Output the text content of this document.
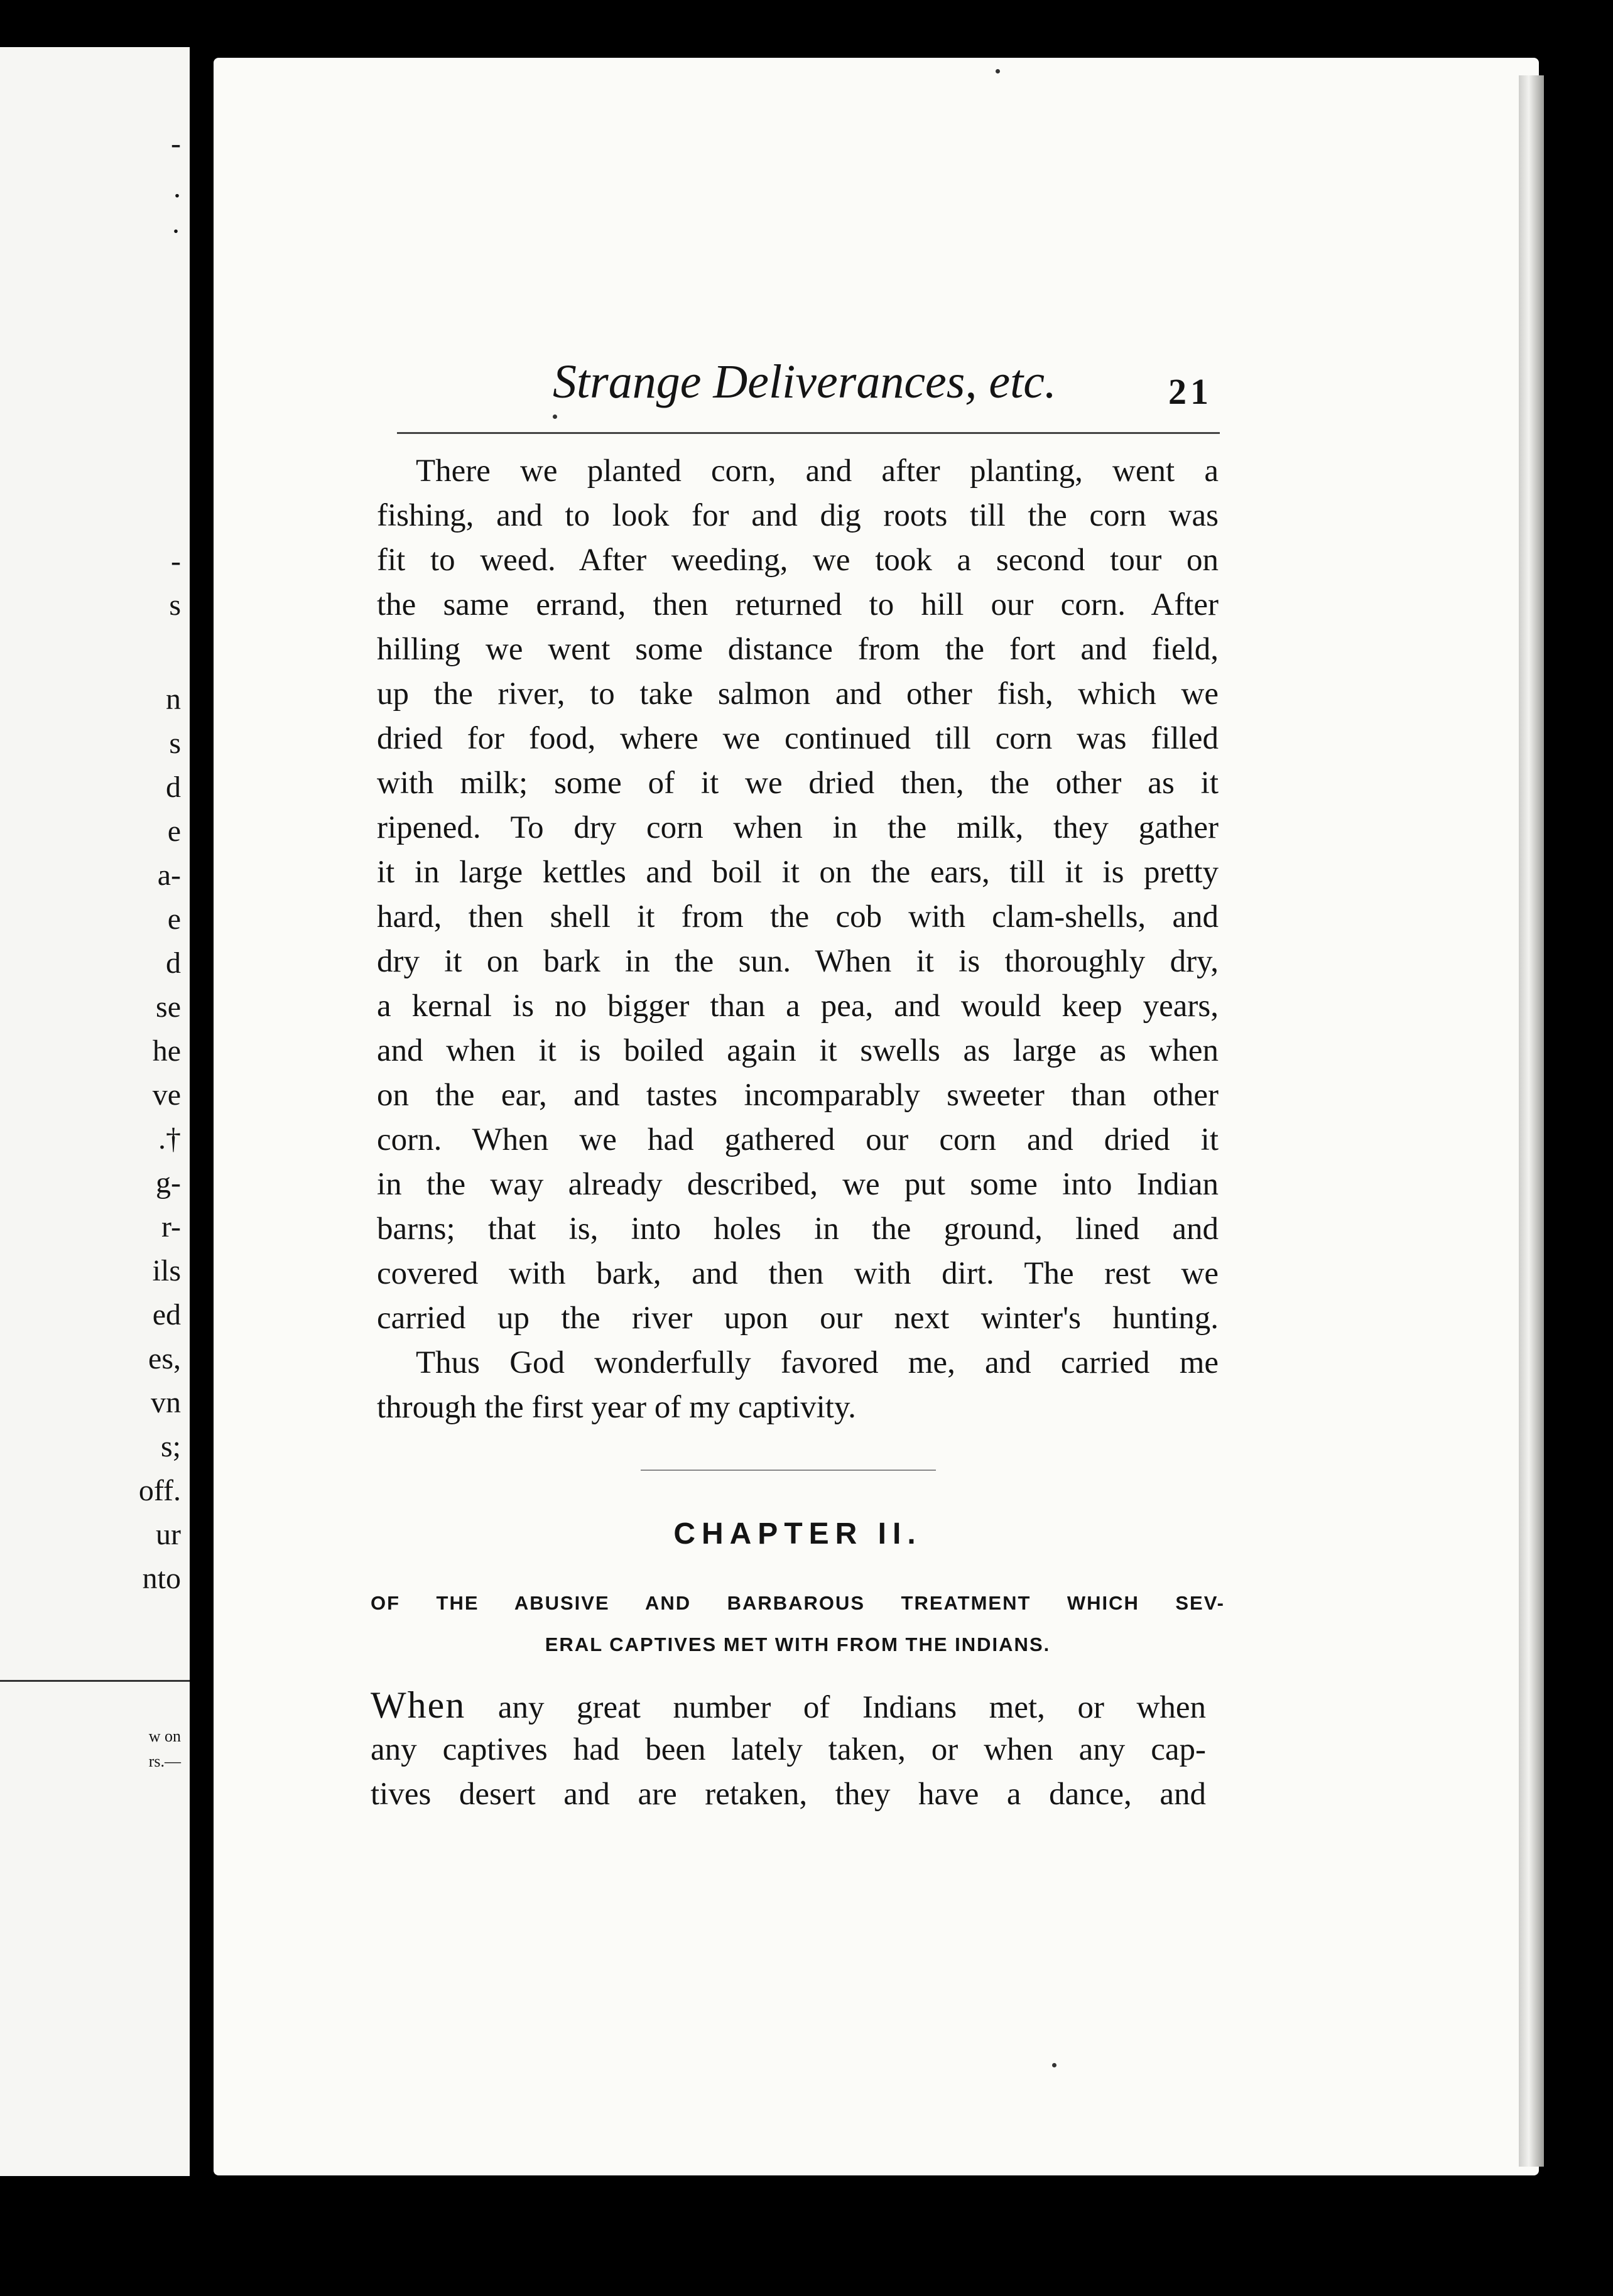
-
.
·
-
s
n
s
d
e
a-
e
d
se
he
ve
.†
g-
r-
ils
ed
es,
vn
s;
off.
ur
nto
w on
rs.—
Strange Deliverances, etc.	21
There we planted corn, and after planting, went a
fishing, and to look for and dig roots till the corn was
fit to weed. After weeding, we took a second tour on
the same errand, then returned to hill our corn. After
hilling we went some distance from the fort and field,
up the river, to take salmon and other fish, which we
dried for food, where we continued till corn was filled
with milk; some of it we dried then, the other as it
ripened. To dry corn when in the milk, they gather
it in large kettles and boil it on the ears, till it is pretty
hard, then shell it from the cob with clam-shells, and
dry it on bark in the sun. When it is thoroughly dry,
a kernal is no bigger than a pea, and would keep years,
and when it is boiled again it swells as large as when
on the ear, and tastes incomparably sweeter than other
corn. When we had gathered our corn and dried it
in the way already described, we put some into Indian
barns; that is, into holes in the ground, lined and
covered with bark, and then with dirt. The rest we
carried up the river upon our next winter's hunting.
Thus God wonderfully favored me, and carried me
through the first year of my captivity.
CHAPTER II.
OF THE ABUSIVE AND BARBAROUS TREATMENT WHICH SEV-
ERAL CAPTIVES MET WITH FROM THE INDIANS.
When any great number of Indians met, or when
any captives had been lately taken, or when any cap-
tives desert and are retaken, they have a dance, and
